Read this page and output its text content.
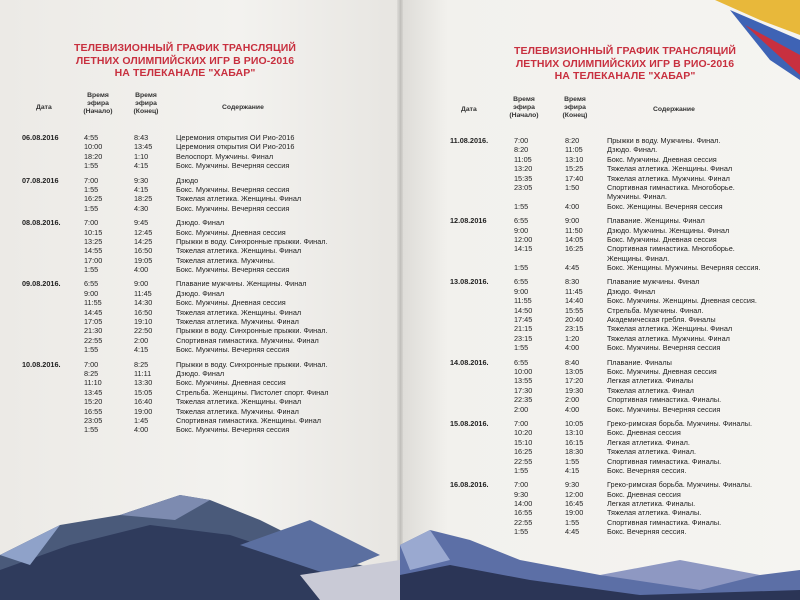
ТЕЛЕВИЗИОННЫЙ ГРАФИК ТРАНСЛЯЦИЙ
ЛЕТНИХ ОЛИМПИЙСКИХ ИГР В РИО-2016
НА ТЕЛЕКАНАЛЕ "ХАБАР"
Дата
Время
эфира
(Начало)
Время
эфира
(Конец)
Содержание
06.08.2016	4:55	8:43	Церемония открытия ОИ Рио-2016
10:00	13:45	Церемония открытия ОИ Рио-2016
18:20	1:10	Велоспорт. Мужчины. Финал
1:55	4:15	Бокс. Мужчины. Вечерняя сессия
07.08.2016	7:00	9:30	Дзюдо
1:55	4:15	Бокс. Мужчины. Вечерняя сессия
16:25	18:25	Тяжелая атлетика. Женщины. Финал
1:55	4:30	Бокс. Мужчины. Вечерняя сессия
08.08.2016.	7:00	9:45	Дзюдо. Финал
10:15	12:45	Бокс. Мужчины. Дневная сессия
13:25	14:25	Прыжки в воду. Синхронные прыжки. Финал.
14:55	16:50	Тяжелая атлетика. Женщины. Финал
17:00	19:05	Тяжелая атлетика. Мужчины.
1:55	4:00	Бокс. Мужчины. Вечерняя сессия
09.08.2016.	6:55	9:00	Плавание мужчины. Женщины. Финал
9:00	11:45	Дзюдо. Финал
11:55	14:30	Бокс. Мужчины. Дневная сессия
14:45	16:50	Тяжелая атлетика. Женщины. Финал
17:05	19:10	Тяжелая атлетика. Мужчины. Финал
21:30	22:50	Прыжки в воду. Синхронные прыжки. Финал.
22:55	2:00	Спортивная гимнастика. Мужчины. Финал
1:55	4:15	Бокс. Мужчины. Вечерняя сессия
10.08.2016.	7:00	8:25	Прыжки в воду. Синхронные прыжки. Финал.
8:25	11:11	Дзюдо. Финал
11:10	13:30	Бокс. Мужчины. Дневная сессия
13:45	15:05	Стрельба. Женщины. Пистолет спорт. Финал
15:20	16:40	Тяжелая атлетика. Женщины. Финал
16:55	19:00	Тяжелая атлетика. Мужчины. Финал
23:05	1:45	Спортивная гимнастика. Женщины. Финал
1:55	4:00	Бокс. Мужчины. Вечерняя сессия
ТЕЛЕВИЗИОННЫЙ ГРАФИК ТРАНСЛЯЦИЙ
ЛЕТНИХ ОЛИМПИЙСКИХ ИГР В РИО-2016
НА ТЕЛЕКАНАЛЕ "ХАБАР"
Дата
Время
эфира
(Начало)
Время
эфира
(Конец)
Содержание
11.08.2016.	7:00	8:20	Прыжки в воду. Мужчины. Финал.
8:20	11:05	Дзюдо. Финал.
11:05	13:10	Бокс. Мужчины. Дневная сессия
13:20	15:25	Тяжелая атлетика. Женщины. Финал
15:35	17:40	Тяжелая атлетика. Мужчины. Финал
23:05	1:50	Спортивная гимнастика. Многоборье.
Мужчины. Финал.
1:55	4:00	Бокс. Женщины. Вечерняя сессия
12.08.2016	6:55	9:00	Плавание. Женщины. Финал
9:00	11:50	Дзюдо. Мужчины. Женщины. Финал
12:00	14:05	Бокс. Мужчины. Дневная сессия
14:15	16:25	Спортивная гимнастика. Многоборье.
Женщины. Финал.
1:55	4:45	Бокс. Женщины. Мужчины. Вечерняя сессия.
13.08.2016.	6:55	8:30	Плавание мужчины. Финал
9:00	11:45	Дзюдо. Финал
11:55	14:40	Бокс. Мужчины. Женщины. Дневная сессия.
14:50	15:55	Стрельба. Мужчины. Финал.
17:45	20:40	Академическая гребля. Финалы
21:15	23:15	Тяжелая атлетика. Женщины. Финал
23:15	1:20	Тяжелая атлетика. Мужчины. Финал
1:55	4:00	Бокс. Мужчины. Вечерняя сессия
14.08.2016.	6:55	8:40	Плавание. Финалы
10:00	13:05	Бокс. Мужчины. Дневная сессия
13:55	17:20	Легкая атлетика. Финалы
17:30	19:30	Тяжелая атлетика. Финал
22:35	2:00	Спортивная гимнастика. Финалы.
2:00	4:00	Бокс. Мужчины. Вечерняя сессия
15.08.2016.	7:00	10:05	Греко-римская борьба. Мужчины. Финалы.
10:20	13:10	Бокс. Дневная сессия
15:10	16:15	Легкая атлетика. Финал.
16:25	18:30	Тяжелая атлетика. Финал.
22:55	1:55	Спортивная гимнастика. Финалы.
1:55	4:15	Бокс. Вечерняя сессия.
16.08.2016.	7:00	9:30	Греко-римская борьба. Мужчины. Финалы.
9:30	12:00	Бокс. Дневная сессия
14:00	16:45	Легкая атлетика. Финалы.
16:55	19:00	Тяжелая атлетика. Финалы.
22:55	1:55	Спортивная гимнастика. Финалы.
1:55	4:45	Бокс. Вечерняя сессия.
